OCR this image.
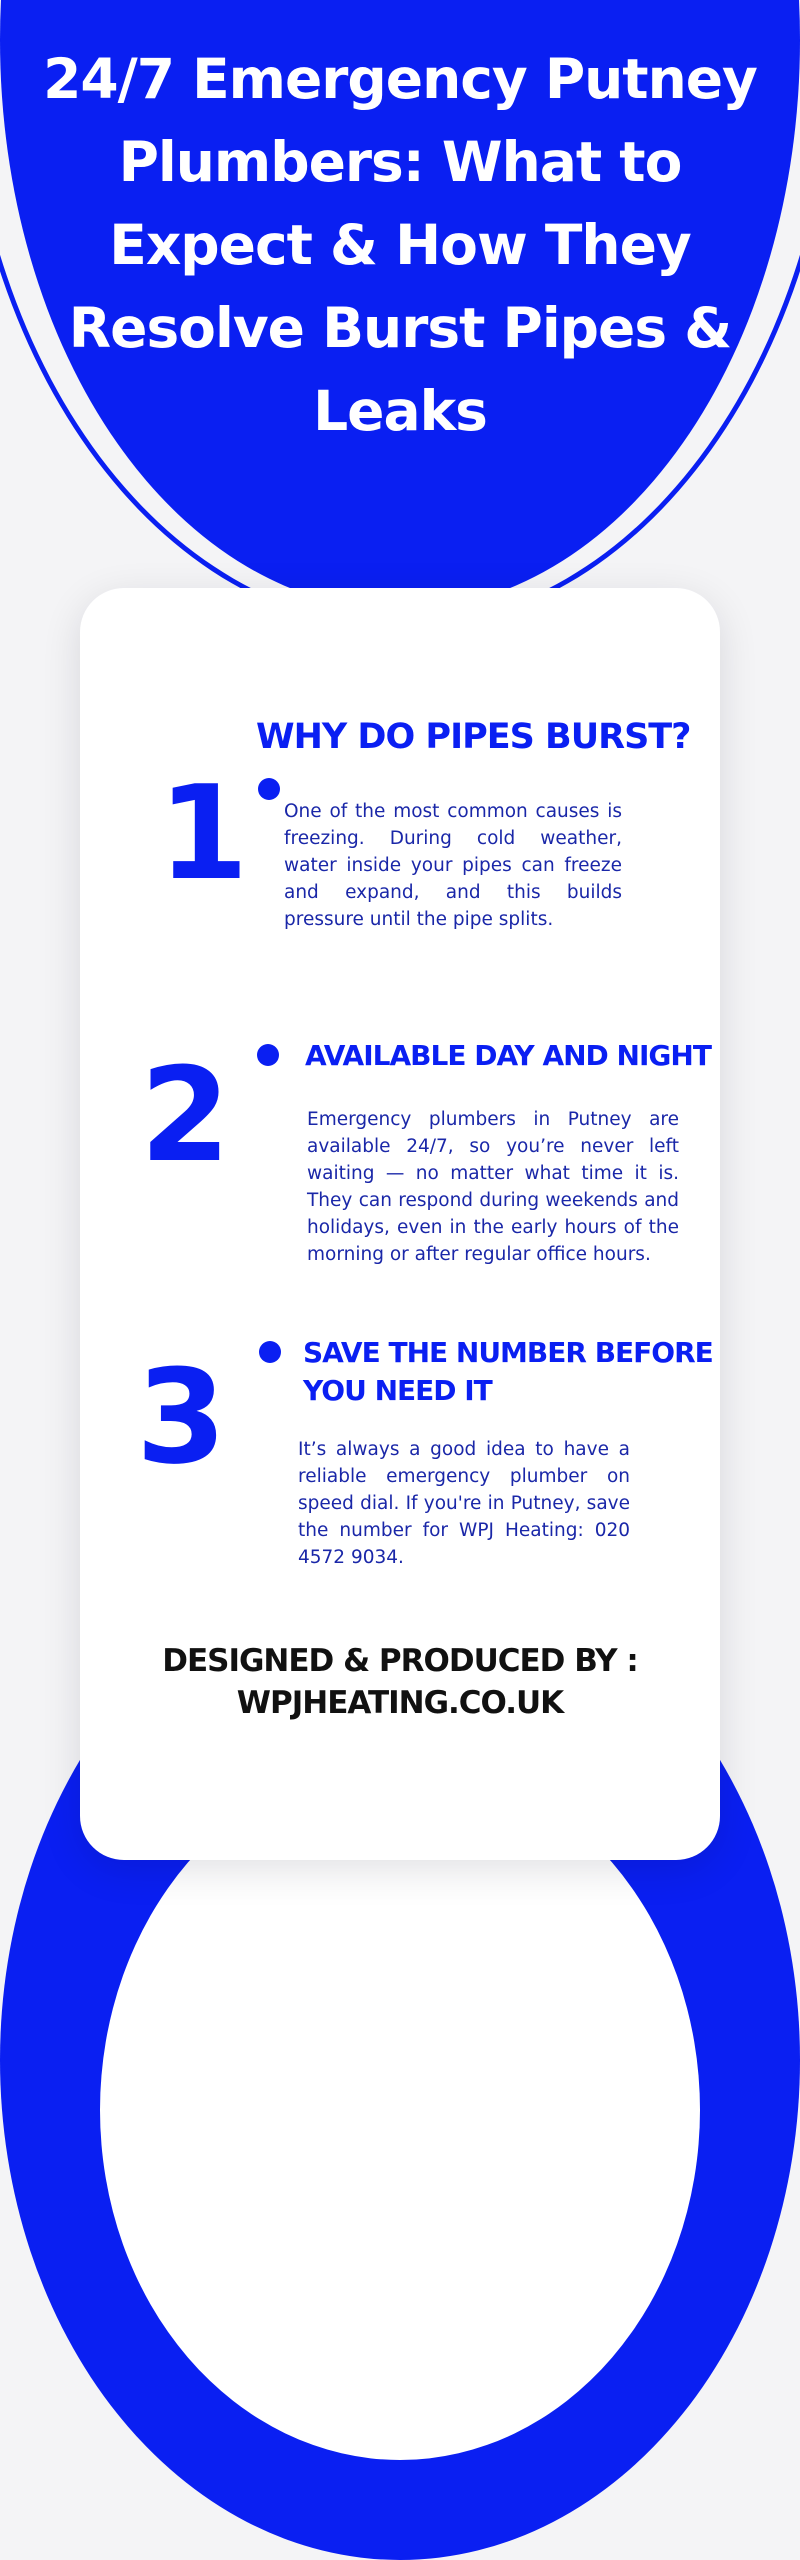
24/7 Emergency Putney Plumbers: What to Expect & How They Resolve Burst Pipes & Leaks
1
WHY DO PIPES BURST?

One of the most common causes is freezing. During cold weather, water inside your pipes can freeze and expand, and this builds pressure until the pipe splits.

2	AVAILABLE DAY AND NIGHT

Emergency plumbers in Putney are available 24/7, so you’re never left waiting — no matter what time it is. They can respond during weekends and holidays, even in the early hours of the morning or after regular office hours.

3	SAVE THE NUMBER BEFORE YOU NEED IT

It’s always a good idea to have a reliable emergency plumber on speed dial. If you're in Putney, save the number for WPJ Heating: 020 4572 9034.

DESIGNED & PRODUCED BY :
WPJHEATING.CO.UK
